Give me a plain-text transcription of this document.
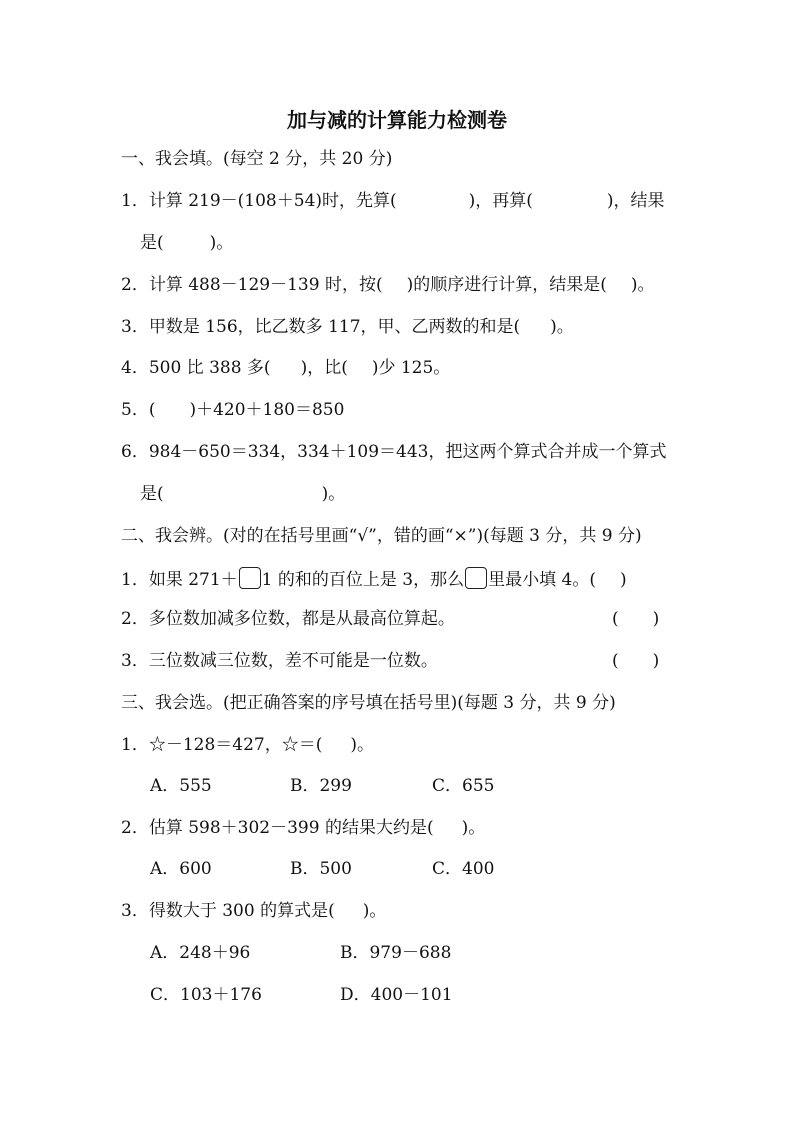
加与减的计算能力检测卷
一、我会填。(每空 2 分，共 20 分)
1．计算 219－(108＋54)时，先算(	)，再算(	)，结果
是(	)。
2．计算 488－129－139 时，按( )的顺序进行计算，结果是( )。
3．甲数是 156，比乙数多 117，甲、乙两数的和是( )。
4．500 比 388 多( )，比( )少 125。
5．( )＋420＋180＝850
6．984－650＝334，334＋109＝443，把这两个算式合并成一个算式
是(	)。
二、我会辨。(对的在括号里画“√”，错的画“×”)(每题 3 分，共 9 分)
1．如果 271＋ 1 的和的百位上是 3，那么 里最小填 4。( )
2．多位数加减多位数，都是从最高位算起。	(　　)
3．三位数减三位数，差不可能是一位数。	(　　)
三、我会选。(把正确答案的序号填在括号里)(每题 3 分，共 9 分)
1．☆－128＝427，☆＝( )。
A．555	B．299	C．655
2．估算 598＋302－399 的结果大约是( )。
A．600	B．500	C．400
3．得数大于 300 的算式是( )。
A．248＋96	B．979－688
C．103＋176	D．400－101
